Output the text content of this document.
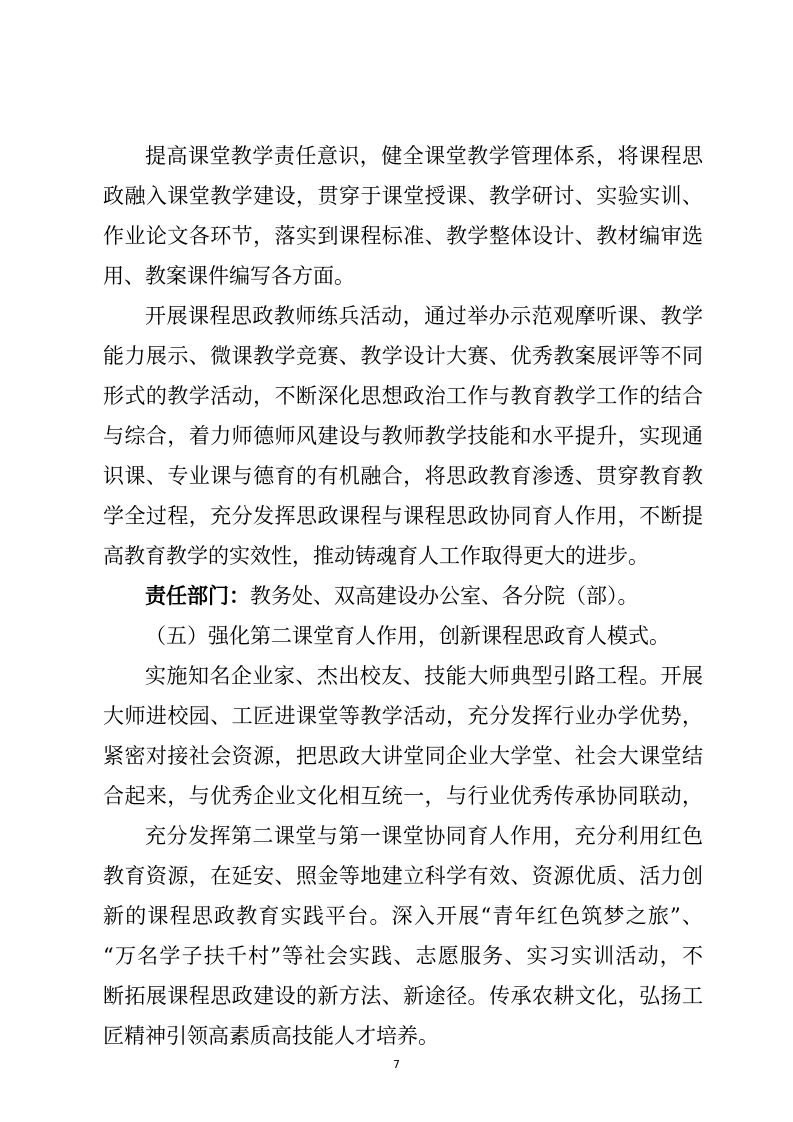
提高课堂教学责任意识，健全课堂教学管理体系，将课程思
政融入课堂教学建设，贯穿于课堂授课、教学研讨、实验实训、
作业论文各环节，落实到课程标准、教学整体设计、教材编审选
用、教案课件编写各方面。
开展课程思政教师练兵活动，通过举办示范观摩听课、教学
能力展示、微课教学竞赛、教学设计大赛、优秀教案展评等不同
形式的教学活动，不断深化思想政治工作与教育教学工作的结合
与综合，着力师德师风建设与教师教学技能和水平提升，实现通
识课、专业课与德育的有机融合，将思政教育渗透、贯穿教育教
学全过程，充分发挥思政课程与课程思政协同育人作用，不断提
高教育教学的实效性，推动铸魂育人工作取得更大的进步。
责任部门：教务处、双高建设办公室、各分院（部）。
（五）强化第二课堂育人作用，创新课程思政育人模式。
实施知名企业家、杰出校友、技能大师典型引路工程。开展
大师进校园、工匠进课堂等教学活动，充分发挥行业办学优势，
紧密对接社会资源，把思政大讲堂同企业大学堂、社会大课堂结
合起来，与优秀企业文化相互统一，与行业优秀传承协同联动，
充分发挥第二课堂与第一课堂协同育人作用，充分利用红色
教育资源，在延安、照金等地建立科学有效、资源优质、活力创
新的课程思政教育实践平台。深入开展“青年红色筑梦之旅”、
“万名学子扶千村”等社会实践、志愿服务、实习实训活动，不
断拓展课程思政建设的新方法、新途径。传承农耕文化，弘扬工
匠精神引领高素质高技能人才培养。
7
